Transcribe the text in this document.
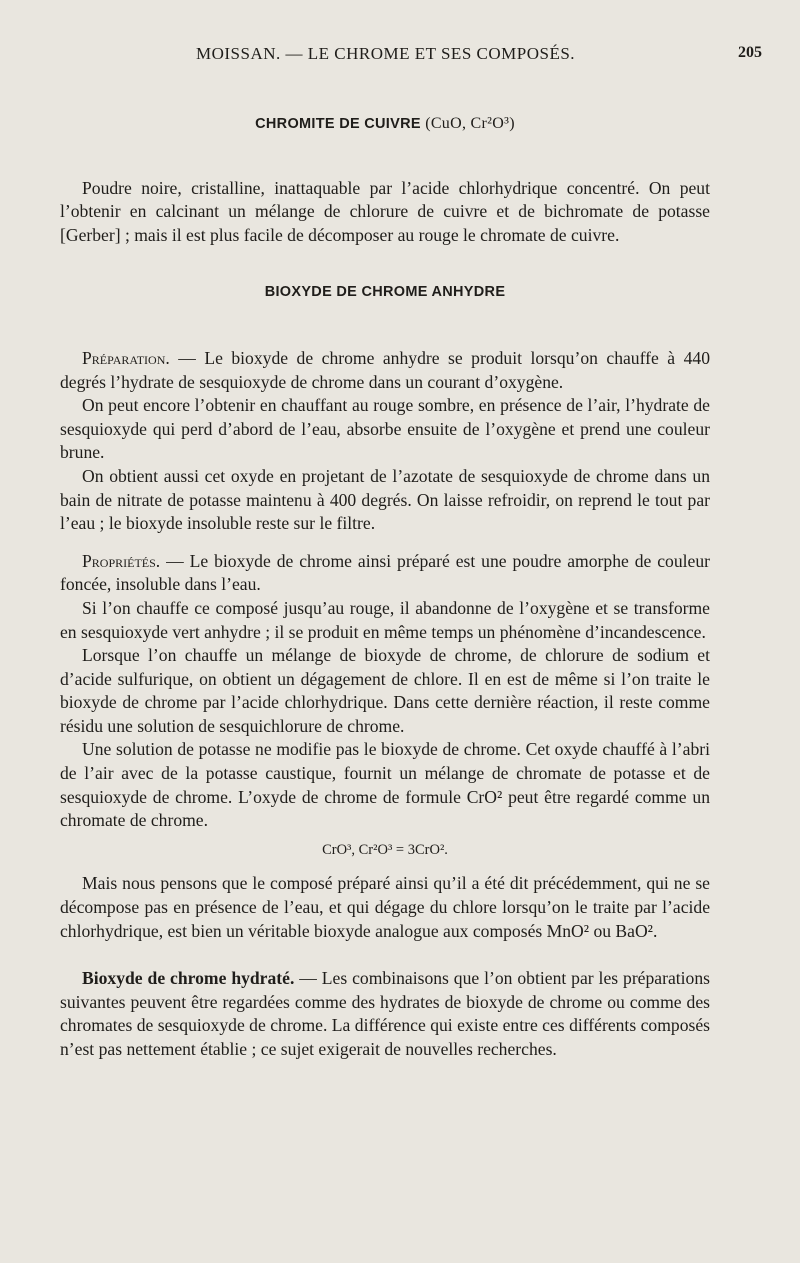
MOISSAN. — LE CHROME ET SES COMPOSÉS.	205
CHROMITE DE CUIVRE (CuO, Cr²O³)

Poudre noire, cristalline, inattaquable par l’acide chlorhydrique concentré. On peut l’obtenir en calcinant un mélange de chlorure de cuivre et de bichromate de potasse [Gerber] ; mais il est plus facile de décomposer au rouge le chromate de cuivre.

BIOXYDE DE CHROME ANHYDRE

Préparation. — Le bioxyde de chrome anhydre se produit lorsqu’on chauffe à 440 degrés l’hydrate de sesquioxyde de chrome dans un courant d’oxygène.

On peut encore l’obtenir en chauffant au rouge sombre, en présence de l’air, l’hydrate de sesquioxyde qui perd d’abord de l’eau, absorbe ensuite de l’oxygène et prend une couleur brune.

On obtient aussi cet oxyde en projetant de l’azotate de sesquioxyde de chrome dans un bain de nitrate de potasse maintenu à 400 degrés. On laisse refroidir, on reprend le tout par l’eau ; le bioxyde insoluble reste sur le filtre.

Propriétés. — Le bioxyde de chrome ainsi préparé est une poudre amorphe de couleur foncée, insoluble dans l’eau.

Si l’on chauffe ce composé jusqu’au rouge, il abandonne de l’oxygène et se transforme en sesquioxyde vert anhydre ; il se produit en même temps un phénomène d’incandescence.

Lorsque l’on chauffe un mélange de bioxyde de chrome, de chlorure de sodium et d’acide sulfurique, on obtient un dégagement de chlore. Il en est de même si l’on traite le bioxyde de chrome par l’acide chlorhydrique. Dans cette dernière réaction, il reste comme résidu une solution de sesquichlorure de chrome.

Une solution de potasse ne modifie pas le bioxyde de chrome. Cet oxyde chauffé à l’abri de l’air avec de la potasse caustique, fournit un mélange de chromate de potasse et de sesquioxyde de chrome. L’oxyde de chrome de formule CrO² peut être regardé comme un chromate de chrome.

CrO³, Cr²O³ = 3CrO².

Mais nous pensons que le composé préparé ainsi qu’il a été dit précédemment, qui ne se décompose pas en présence de l’eau, et qui dégage du chlore lorsqu’on le traite par l’acide chlorhydrique, est bien un véritable bioxyde analogue aux composés MnO² ou BaO².

Bioxyde de chrome hydraté. — Les combinaisons que l’on obtient par les préparations suivantes peuvent être regardées comme des hydrates de bioxyde de chrome ou comme des chromates de sesquioxyde de chrome. La différence qui existe entre ces différents composés n’est pas nettement établie ; ce sujet exigerait de nouvelles recherches.
